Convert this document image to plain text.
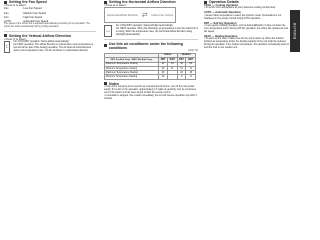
ENGLISH
Setting the Fan Speed

• Press ⑥ to select :

Fan	: Low Fan Speed
Fan	: Medium Fan Speed
Fan	: High Fan Speed
AUTO	: Automatic Fan Speed

The speed of the indoor fan is adjusted automatically according to the operation. The indoor fan stops occasionally during cooling operation.

Setting the Vertical Airflow Direction

• Press ⑦ to select :

↕

For COOL/DRY operation: Swing airflow automatically.

For HEAT operation: The airflow direction is vertical when room temperature is low and at the start of the heating operation. The air blows at horizontal level when room temperature rises. The fan air blows in a downwards direction.

Setting the Horizontal Airflow Direction

• Press ⑧ to select :

Horizontal Airflow Direction ⇄ Indoor Fan Control
↔

For COOL/DRY operation: Swing left/right automatically.

For HEAT operation: When the discharge air temperature is low, the indoor fan is in swing. When the temperature rises, the horizontal airflow direction swing (left/right) automatically.

Use this air conditioner under the following conditions
(Unit: °C)
	Indoor		Outdoor	
DBT: Dry Bulb Temp. / WBT: Wet Bulb Temp.	DBT	WBT	DBT	WBT
Maximum Temperature Cooling	32	23	43	26
Minimum Temperature Cooling	16	11	16	11
Maximum Temperature Heating	30	-	24	18
Minimum Temperature Heating	16	-	-5	-6
Notes

• If the unit is not going to be used for an extended period of time, turn off the main power supply. If it is left on the operation, approximately 1.5 watts of electricity may be consumed even if the indoor unit has been turned off with the remote control.

• If operation is stopped, then restart immediately, the unit will resume operation only after 3 minutes.

Operation Details

COOL — Cooling Operation

• To set the room temperature at your preference cooling comfort level.

AUTO — Automatic Operation

• Sense indoor temperature to select the optimum mode. Temperature is not displayed on the remote control during AUTO operation.

DRY — Soft Dry Operation

• A very gentle Cooling Operation, prior to dehumidification. It does not lower the room temperature much. During Soft Dry operation, the indoor fan operates at Low fan speed.

HEAT — Heating Operation

• To warm up the room. It takes time for the unit to warm up. When the outdoor ambient air temperature drops, the heating capacity of the unit might be reduced. During the operation, if the outdoor temperature, the operation occasionally stops to melt the frost on the outdoor unit.
